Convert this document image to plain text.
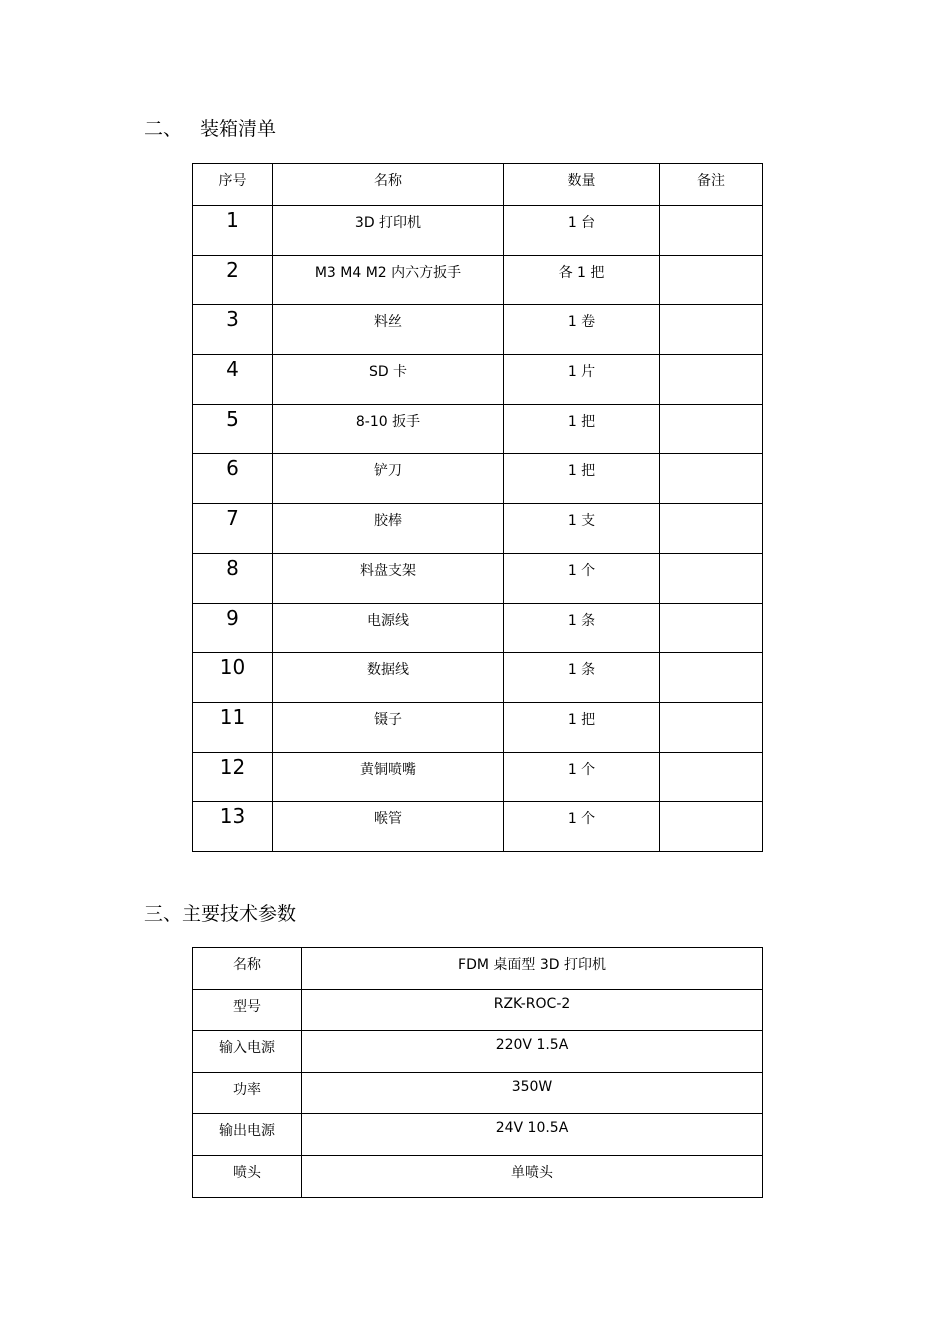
二、 装箱清单
序号	名称	数量	备注
1	3D 打印机	1 台	
2	M3 M4 M2 内六方扳手	各 1 把	
3	料丝	1 卷	
4	SD 卡	1 片	
5	8-10 扳手	1 把	
6	铲刀	1 把	
7	胶棒	1 支	
8	料盘支架	1 个	
9	电源线	1 条	
10	数据线	1 条	
11	镊子	1 把	
12	黄铜喷嘴	1 个	
13	喉管	1 个	
三、主要技术参数
名称	FDM 桌面型 3D 打印机
型号	RZK-ROC-2
输入电源	220V 1.5A
功率	350W
输出电源	24V 10.5A
喷头	单喷头
